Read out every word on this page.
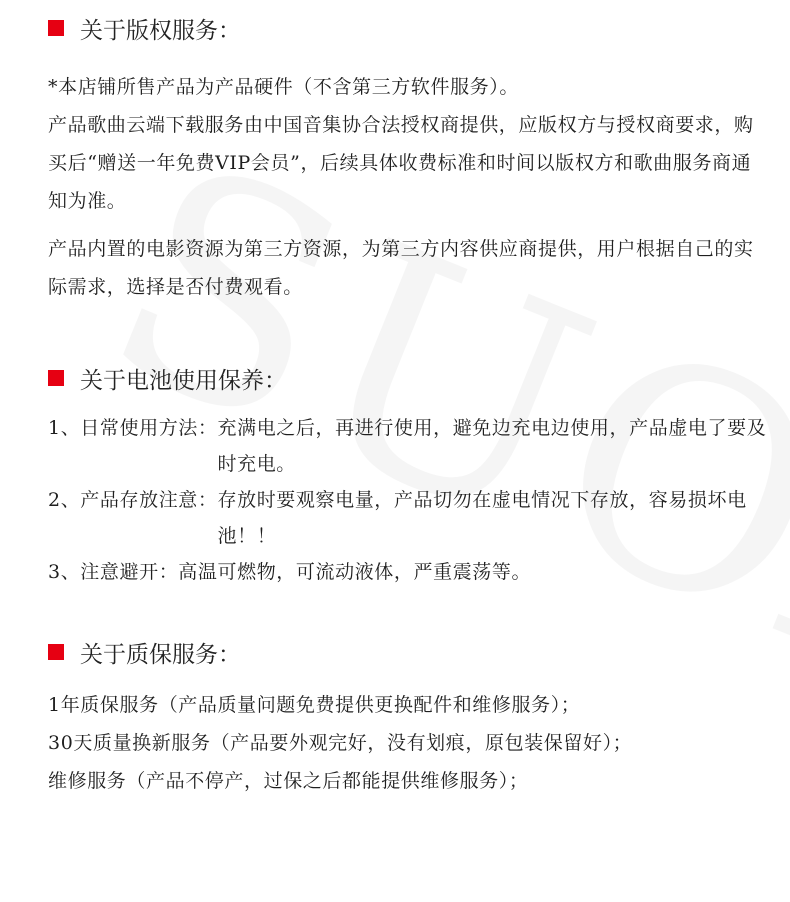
关于版权服务：

*本店铺所售产品为产品硬件（不含第三方软件服务）。

产品歌曲云端下载服务由中国音集协合法授权商提供，应版权方与授权商要求，购买后“赠送一年免费VIP会员”，后续具体收费标准和时间以版权方和歌曲服务商通知为准。

产品内置的电影资源为第三方资源，为第三方内容供应商提供，用户根据自己的实际需求，选择是否付费观看。

关于电池使用保养：
1、日常使用方法： 充满电之后，再进行使用，避免边充电边使用，产品虚电了要及时充电。
2、产品存放注意： 存放时要观察电量，产品切勿在虚电情况下存放，容易损坏电池！！
3、注意避开： 高温可燃物，可流动液体，严重震荡等。
关于质保服务：

1年质保服务（产品质量问题免费提供更换配件和维修服务）；

30天质量换新服务（产品要外观完好，没有划痕，原包装保留好）；

维修服务（产品不停产，过保之后都能提供维修服务）；
